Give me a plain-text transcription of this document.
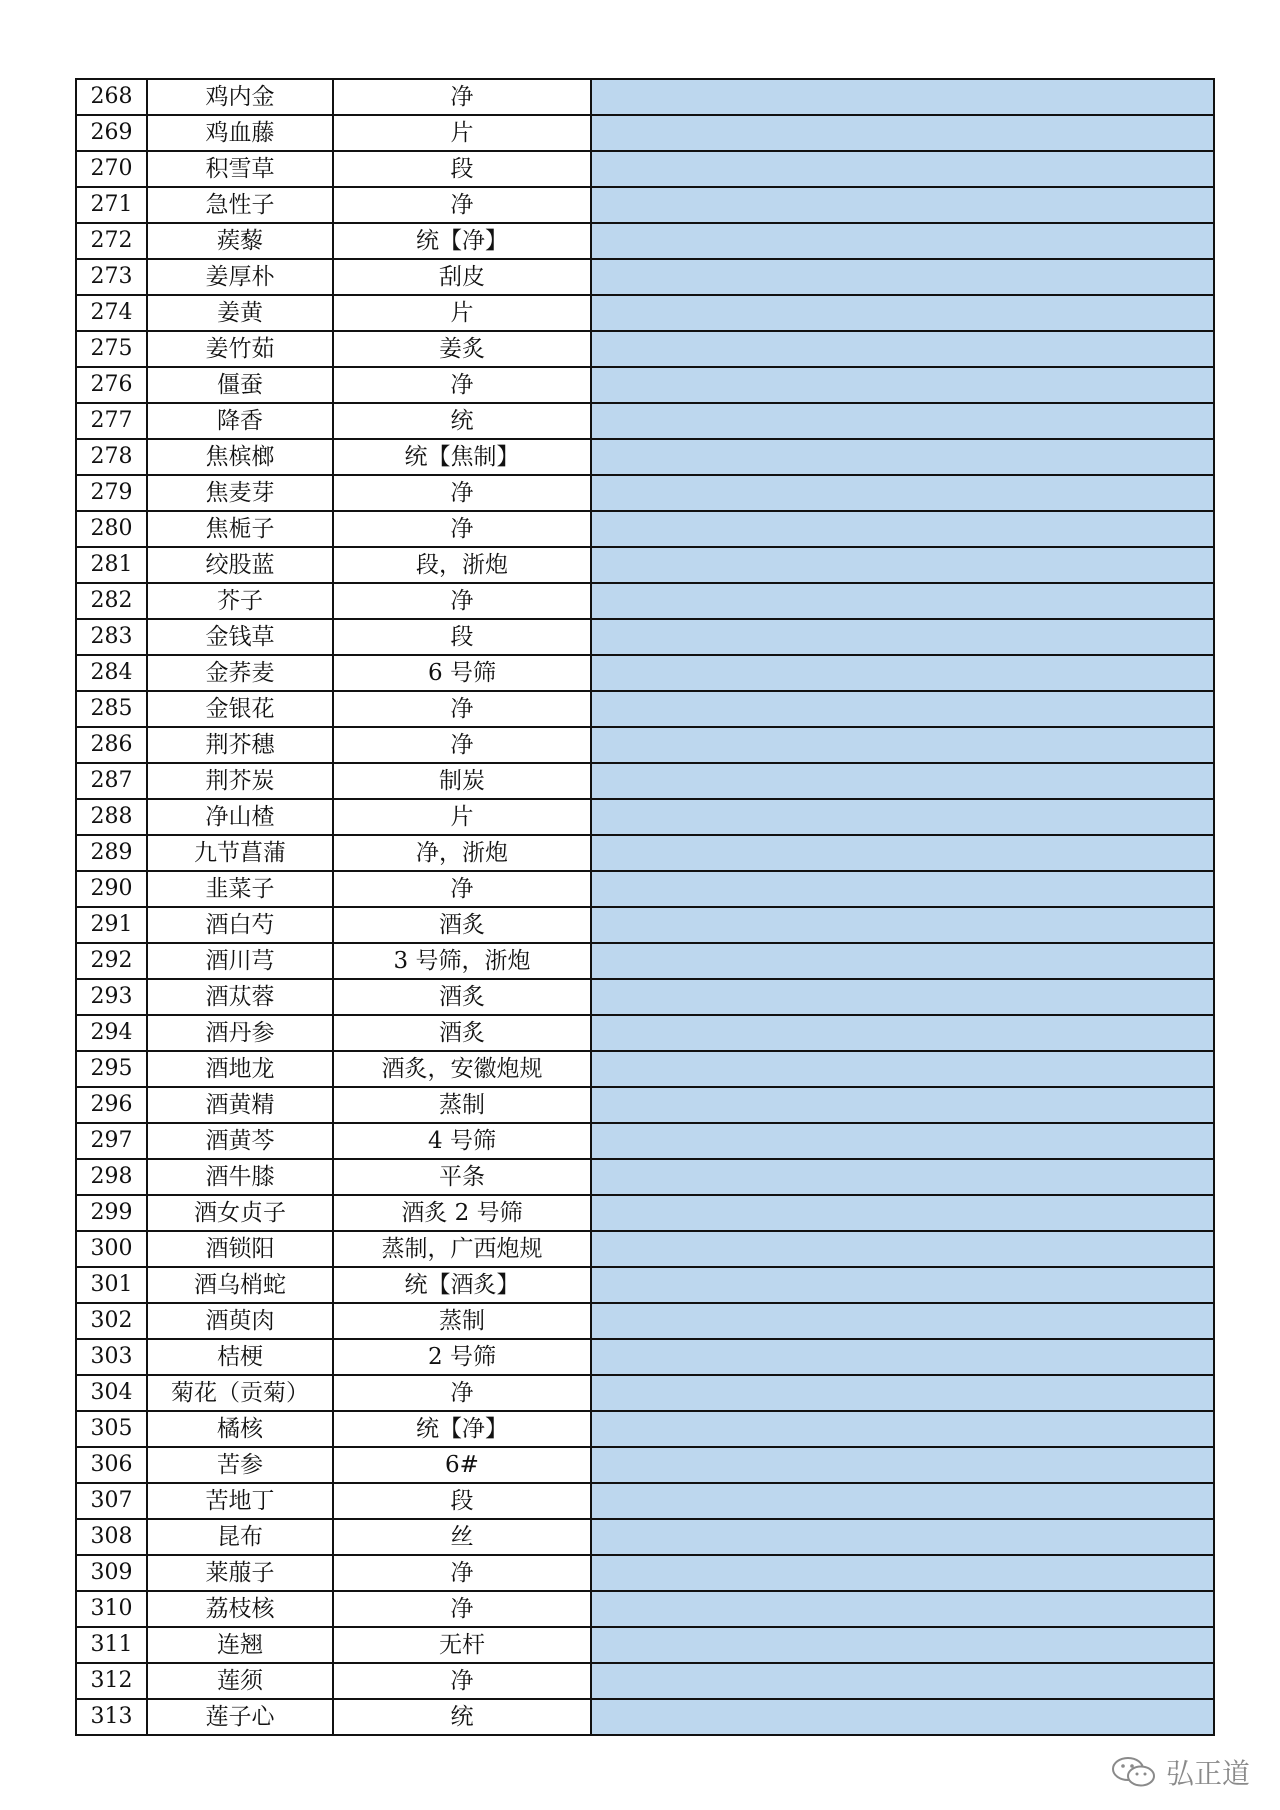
268	鸡内金	净
269	鸡血藤	片
270	积雪草	段
271	急性子	净
272	蒺藜	统【净】
273	姜厚朴	刮皮
274	姜黄	片
275	姜竹茹	姜炙
276	僵蚕	净
277	降香	统
278	焦槟榔	统【焦制】
279	焦麦芽	净
280	焦栀子	净
281	绞股蓝	段，浙炮
282	芥子	净
283	金钱草	段
284	金荞麦	6 号筛
285	金银花	净
286	荆芥穗	净
287	荆芥炭	制炭
288	净山楂	片
289	九节菖蒲	净，浙炮
290	韭菜子	净
291	酒白芍	酒炙
292	酒川芎	3 号筛，浙炮
293	酒苁蓉	酒炙
294	酒丹参	酒炙
295	酒地龙	酒炙，安徽炮规
296	酒黄精	蒸制
297	酒黄芩	4 号筛
298	酒牛膝	平条
299	酒女贞子	酒炙 2 号筛
300	酒锁阳	蒸制，广西炮规
301	酒乌梢蛇	统【酒炙】
302	酒萸肉	蒸制
303	桔梗	2 号筛
304	菊花（贡菊）	净
305	橘核	统【净】
306	苦参	6#
307	苦地丁	段
308	昆布	丝
309	莱菔子	净
310	荔枝核	净
311	连翘	无杆
312	莲须	净
313	莲子心	统
弘正道
